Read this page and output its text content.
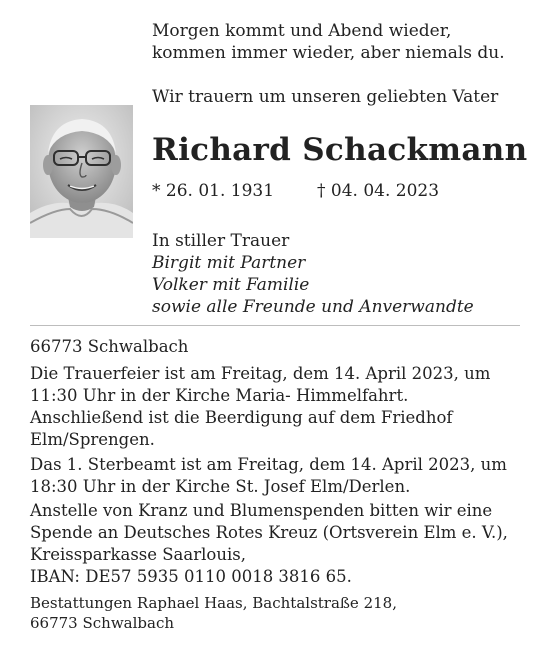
Morgen kommt und Abend wieder,
kommen immer wieder, aber niemals du.
Wir trauern um unseren geliebten Vater
Richard Schackmann
* 26. 01. 1931	† 04. 04. 2023
In stiller Trauer
Birgit mit Partner
Volker mit Familie
sowie alle Freunde und Anverwandte
66773 Schwalbach
Die Trauerfeier ist am Freitag, dem 14. April 2023, um
11:30 Uhr in der Kirche Maria- Himmelfahrt.
Anschließend ist die Beerdigung auf dem Friedhof
Elm/Sprengen.
Das 1. Sterbeamt ist am Freitag, dem 14. April 2023, um
18:30 Uhr in der Kirche St. Josef Elm/Derlen.
Anstelle von Kranz und Blumenspenden bitten wir eine
Spende an Deutsches Rotes Kreuz (Ortsverein Elm e. V.),
Kreissparkasse Saarlouis,
IBAN: DE57 5935 0110 0018 3816 65.
Bestattungen Raphael Haas, Bachtalstraße 218,
66773 Schwalbach
